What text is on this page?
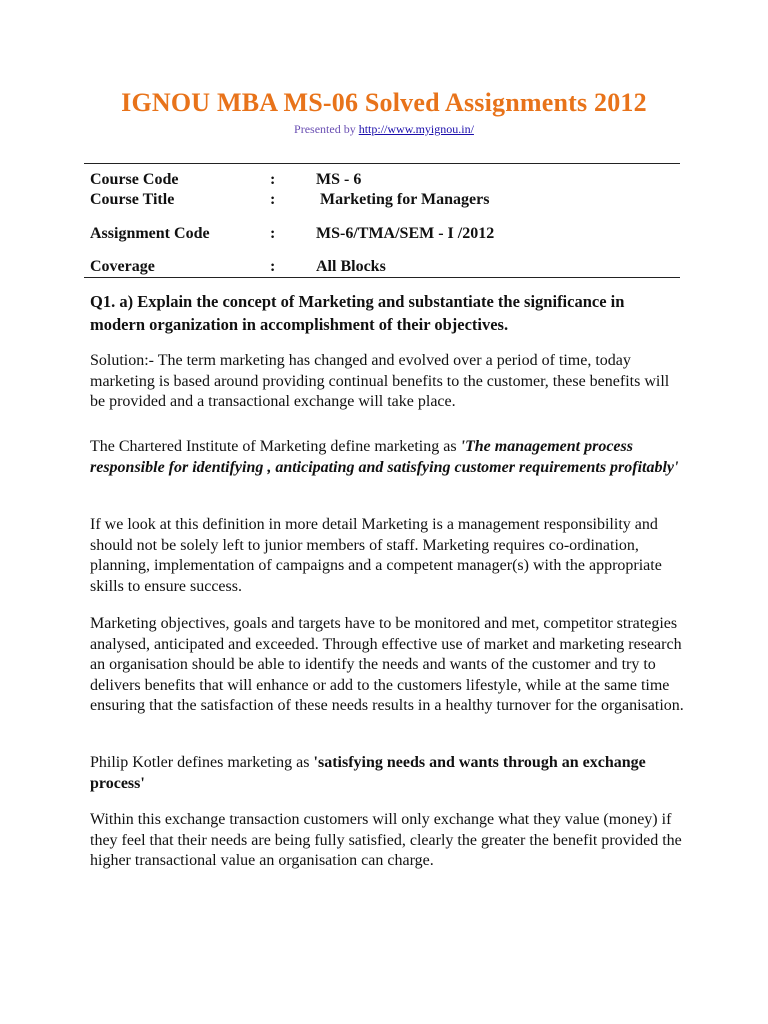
IGNOU MBA MS-06 Solved Assignments 2012
Presented by http://www.myignou.in/
Course Code	:	MS - 6
Course Title	:	Marketing for Managers
Assignment Code	:	MS-6/TMA/SEM - I /2012
Coverage	:	All Blocks
Q1. a) Explain the concept of Marketing and substantiate the significance in modern organization in accomplishment of their objectives.
Solution:- The term marketing has changed and evolved over a period of time, today marketing is based around providing continual benefits to the customer, these benefits will be provided and a transactional exchange will take place.
The Chartered Institute of Marketing define marketing as 'The management process responsible for identifying , anticipating and satisfying customer requirements profitably'
If we look at this definition in more detail Marketing is a management responsibility and should not be solely left to junior members of staff. Marketing requires co-ordination, planning, implementation of campaigns and a competent manager(s) with the appropriate skills to ensure success.
Marketing objectives, goals and targets have to be monitored and met, competitor strategies analysed, anticipated and exceeded. Through effective use of market and marketing research an organisation should be able to identify the needs and wants of the customer and try to delivers benefits that will enhance or add to the customers lifestyle, while at the same time ensuring that the satisfaction of these needs results in a healthy turnover for the organisation.
Philip Kotler defines marketing as 'satisfying needs and wants through an exchange process'
Within this exchange transaction customers will only exchange what they value (money) if they feel that their needs are being fully satisfied, clearly the greater the benefit provided the higher transactional value an organisation can charge.
